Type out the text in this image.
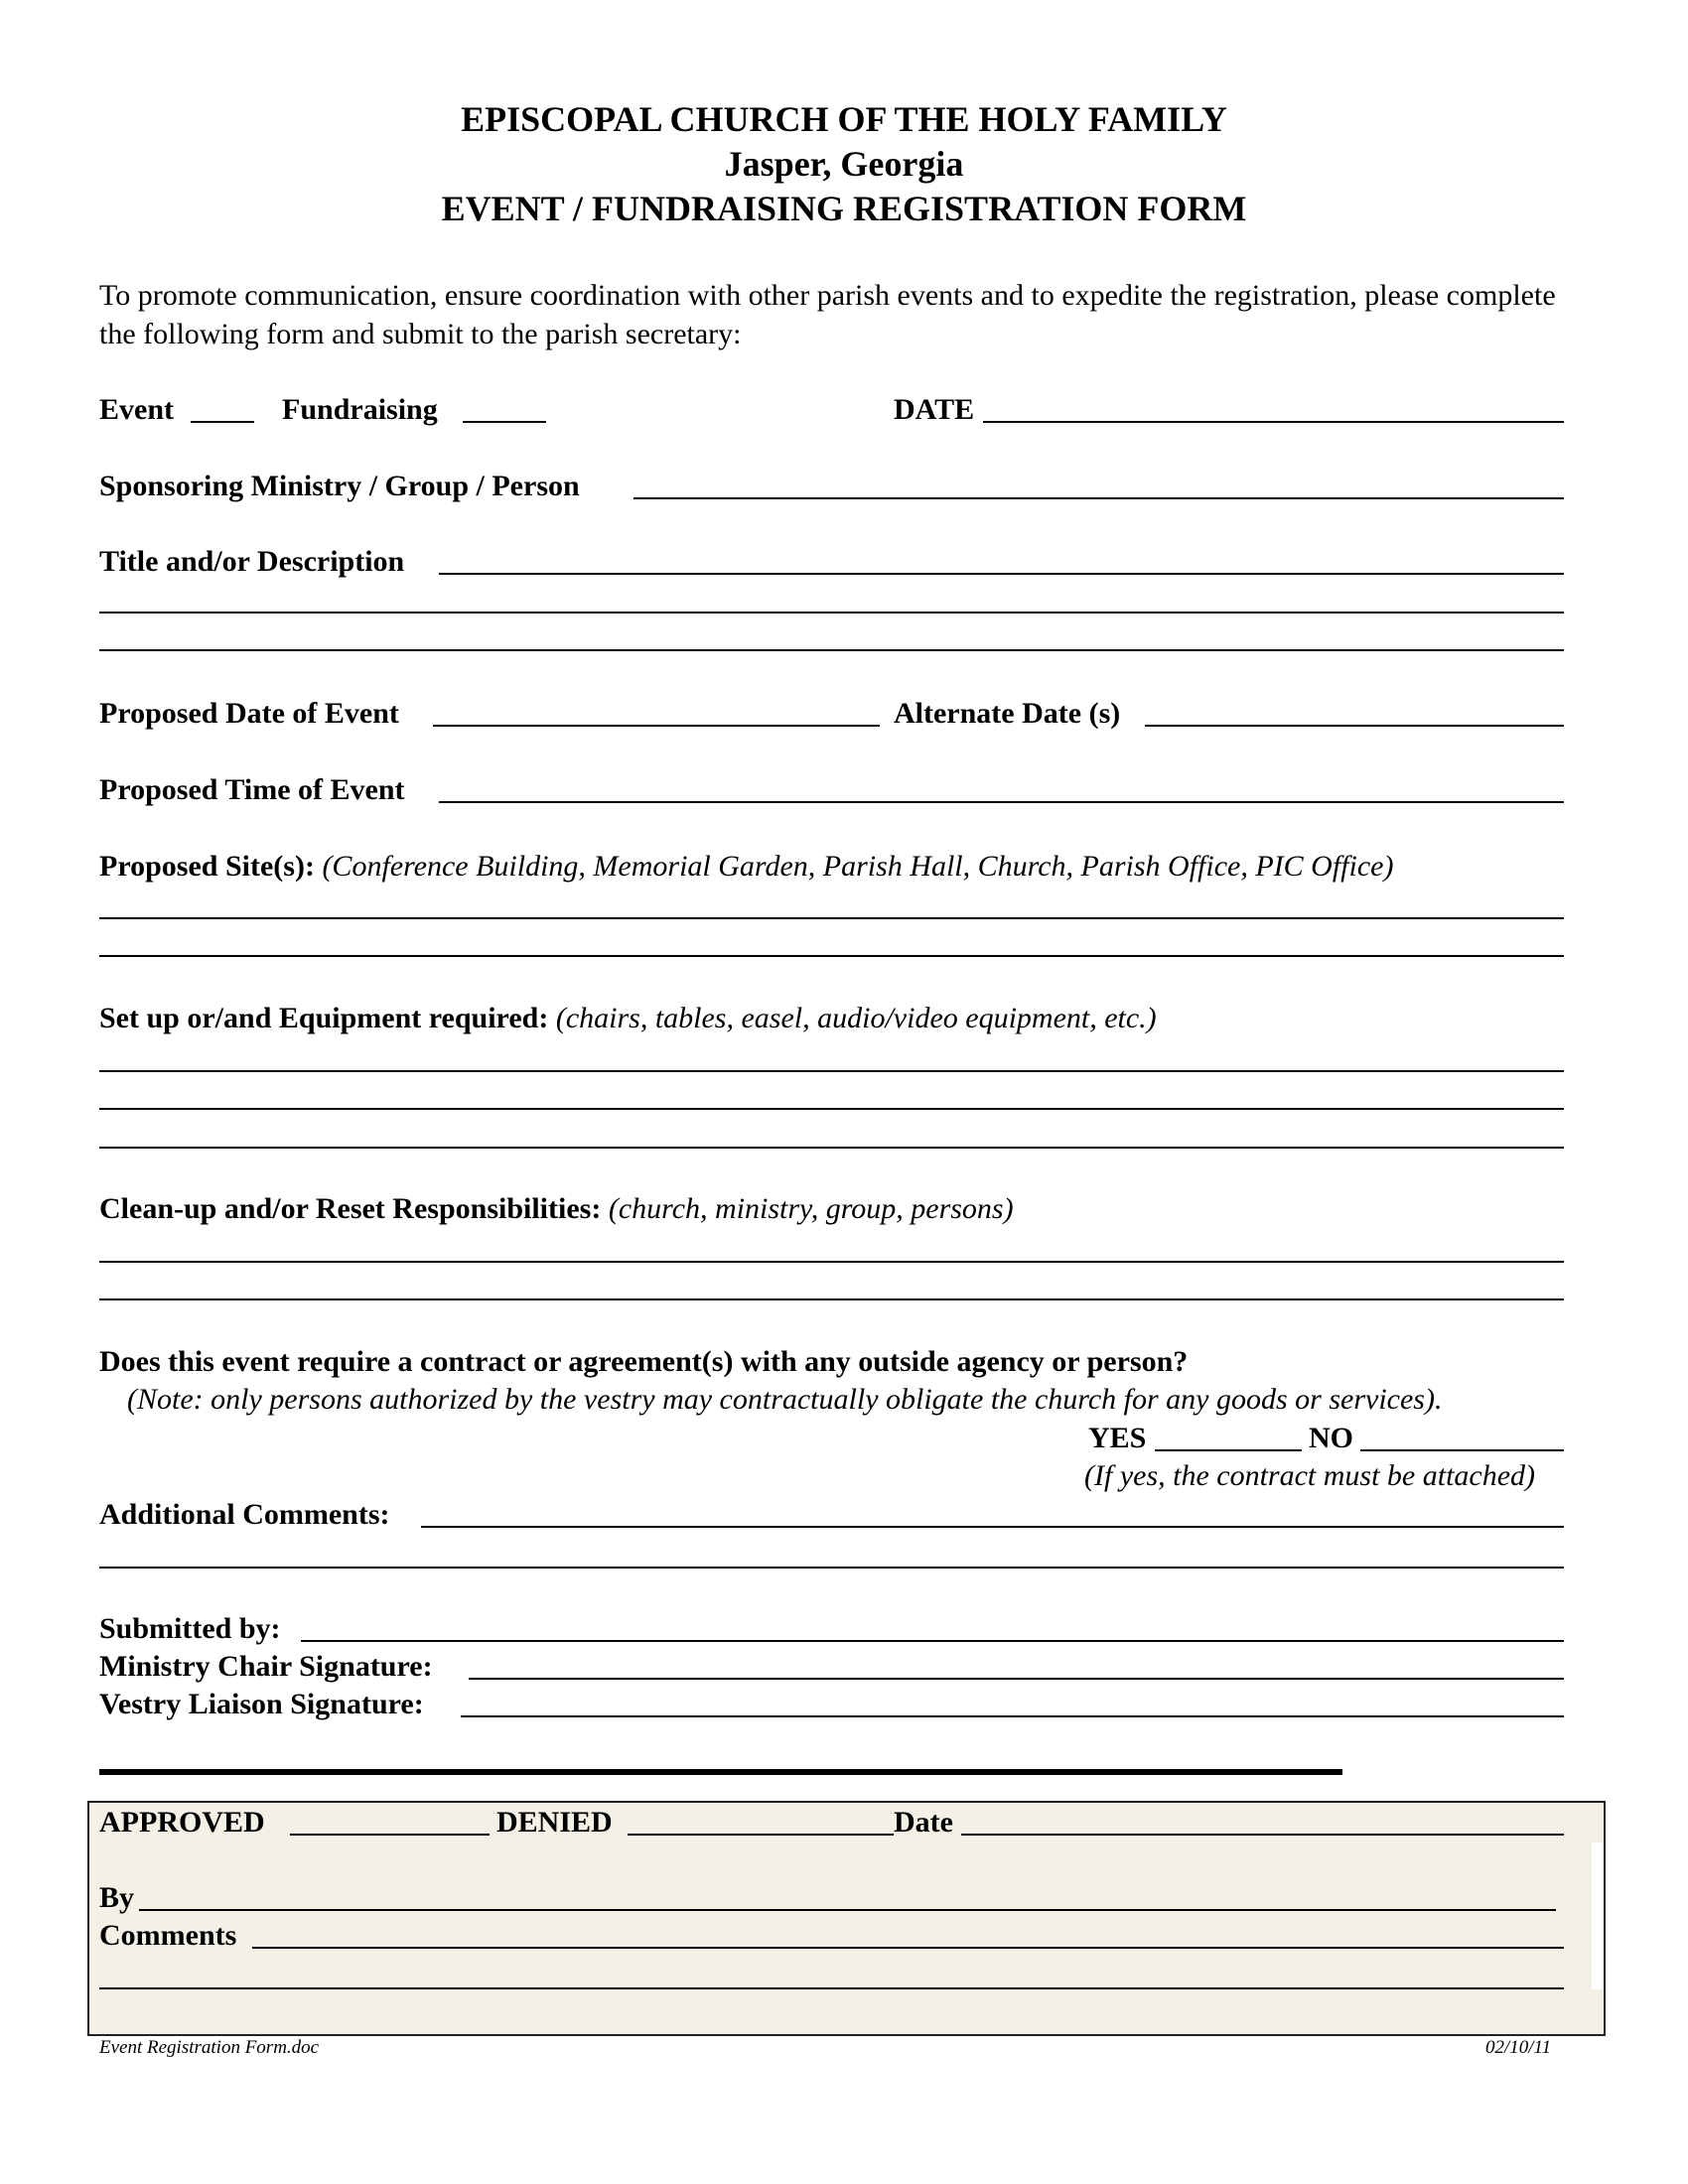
EPISCOPAL CHURCH OF THE HOLY FAMILY
Jasper, Georgia
EVENT / FUNDRAISING REGISTRATION FORM
To promote communication, ensure coordination with other parish events and to expedite the registration, please complete the following form and submit to the parish secretary:
Event	Fundraising	DATE
Sponsoring Ministry / Group / Person
Title and/or Description
Proposed Date of Event	Alternate Date (s)
Proposed Time of Event
Proposed Site(s): (Conference Building, Memorial Garden, Parish Hall, Church, Parish Office, PIC Office)
Set up or/and Equipment required: (chairs, tables, easel, audio/video equipment, etc.)
Clean-up and/or Reset Responsibilities: (church, ministry, group, persons)
Does this event require a contract or agreement(s) with any outside agency or person?
(Note: only persons authorized by the vestry may contractually obligate the church for any goods or services).
YES	NO
(If yes, the contract must be attached)
Additional Comments:
Submitted by:
Ministry Chair Signature:
Vestry Liaison Signature:
APPROVED	DENIED	Date
By
Comments
Event Registration Form.doc	02/10/11
